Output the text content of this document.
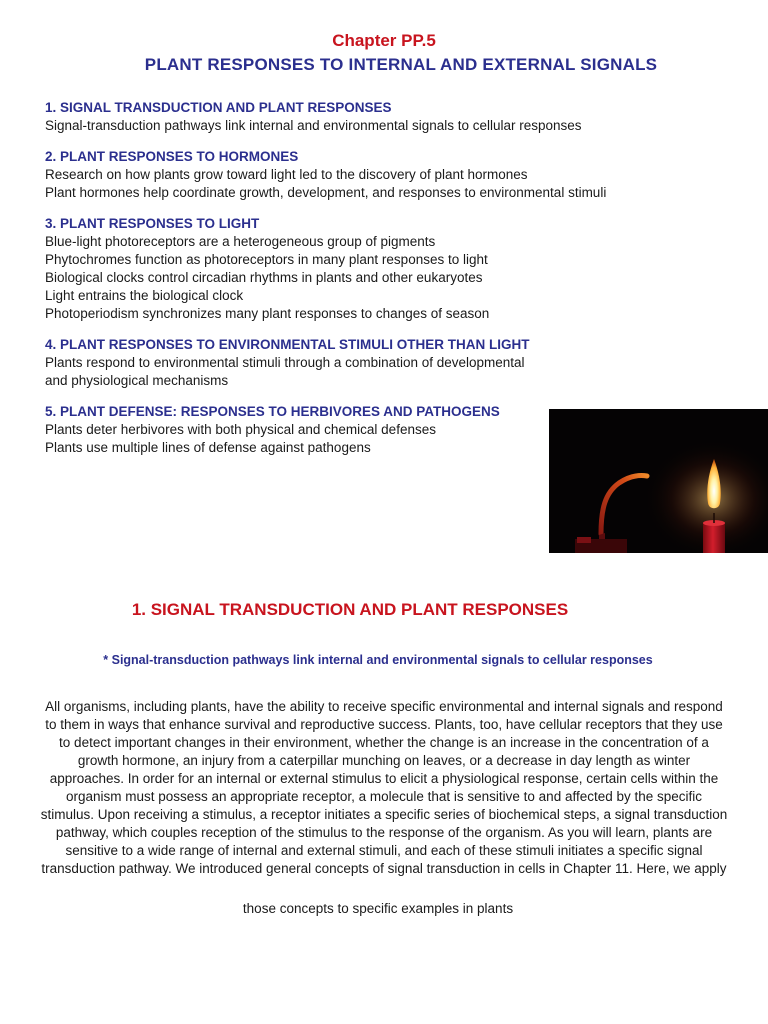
Chapter PP.5
PLANT RESPONSES TO INTERNAL AND EXTERNAL SIGNALS
1. SIGNAL TRANSDUCTION AND PLANT RESPONSES
Signal-transduction pathways link internal and environmental signals to cellular responses
2. PLANT RESPONSES TO HORMONES
Research on how plants grow toward light led to the discovery of plant hormones
Plant hormones help coordinate growth, development, and responses to environmental stimuli
3. PLANT RESPONSES TO LIGHT
Blue-light photoreceptors are a heterogeneous group of pigments
Phytochromes function as photoreceptors in many plant responses to light
Biological clocks control circadian rhythms in plants and other eukaryotes
Light entrains the biological clock
Photoperiodism synchronizes many plant responses to changes of season
4. PLANT RESPONSES TO ENVIRONMENTAL STIMULI OTHER THAN LIGHT
Plants respond to environmental stimuli through a combination of developmental
and physiological mechanisms
5. PLANT DEFENSE: RESPONSES TO HERBIVORES AND PATHOGENS
Plants deter herbivores with both physical and chemical defenses
Plants use multiple lines of defense against pathogens
1. SIGNAL TRANSDUCTION AND PLANT RESPONSES
* Signal-transduction pathways link internal and environmental signals to cellular responses
All organisms, including plants, have the ability to receive specific environmental and internal signals and respond to them in ways that enhance survival and reproductive success. Plants, too, have cellular receptors that they use to detect important changes in their environment, whether the change is an increase in the concentration of a growth hormone, an injury from a caterpillar munching on leaves, or a decrease in day length as winter approaches. In order for an internal or external stimulus to elicit a physiological response, certain cells within the organism must possess an appropriate receptor, a molecule that is sensitive to and affected by the specific stimulus. Upon receiving a stimulus, a receptor initiates a specific series of biochemical steps, a signal transduction pathway, which couples reception of the stimulus to the response of the organism. As you will learn, plants are sensitive to a wide range of internal and external stimuli, and each of these stimuli initiates a specific signal transduction pathway. We introduced general concepts of signal transduction in cells in Chapter 11. Here, we apply
those concepts to specific examples in plants
